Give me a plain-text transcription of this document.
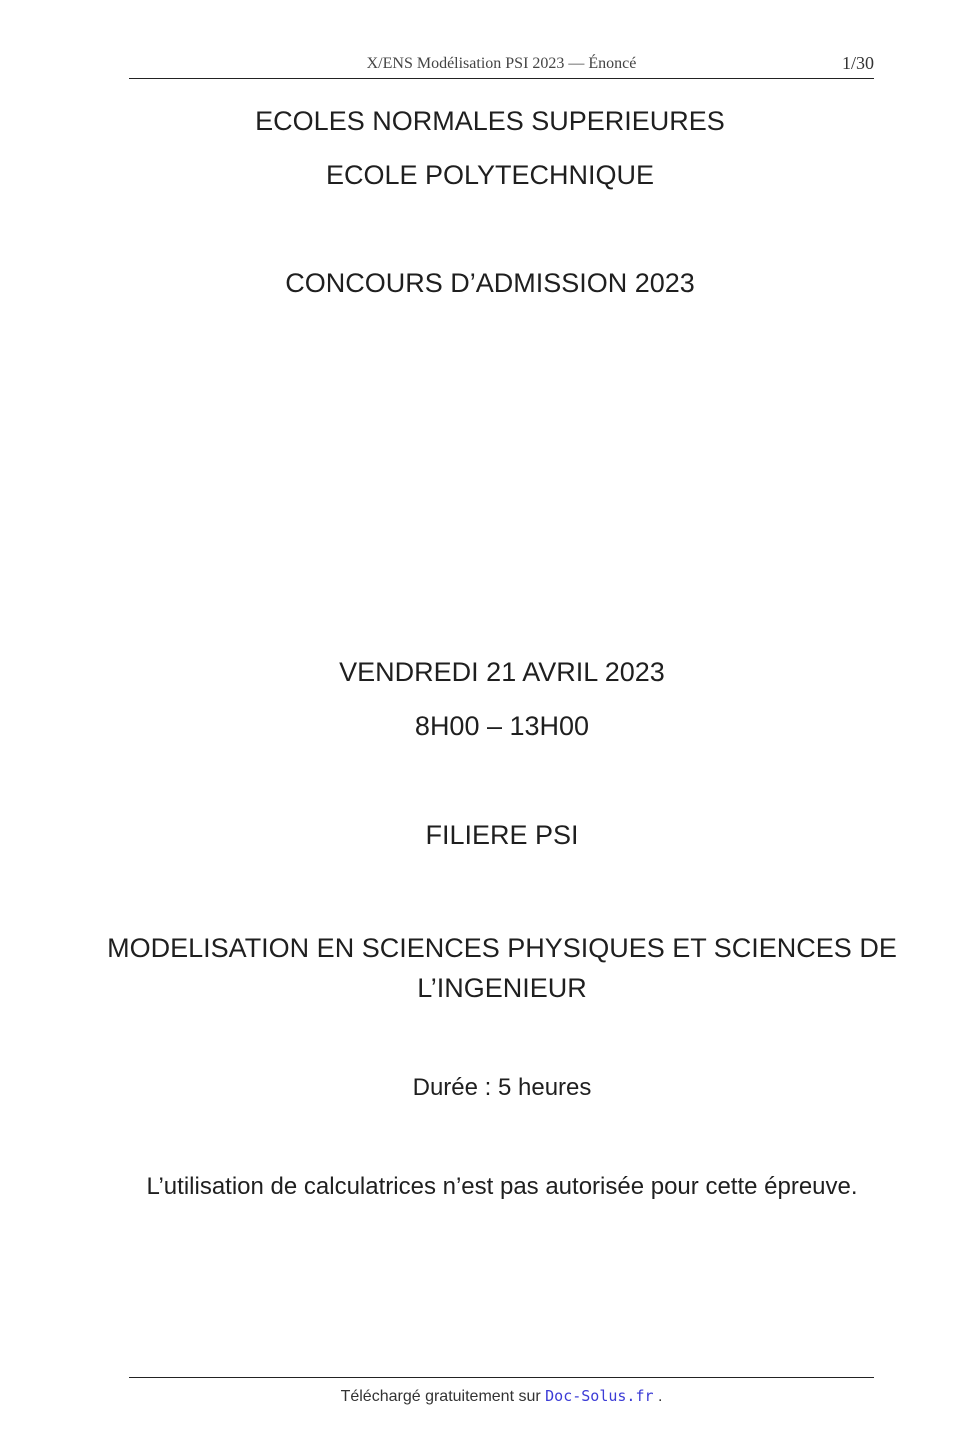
X/ENS Modélisation PSI 2023 — Énoncé	1/30
ECOLES NORMALES SUPERIEURES
ECOLE POLYTECHNIQUE
CONCOURS D’ADMISSION 2023
VENDREDI 21 AVRIL 2023
8H00 – 13H00
FILIERE PSI
MODELISATION EN SCIENCES PHYSIQUES ET SCIENCES DE
L’INGENIEUR
Durée : 5 heures
L’utilisation de calculatrices n’est pas autorisée pour cette épreuve.
Téléchargé gratuitement sur Doc-Solus.fr .
